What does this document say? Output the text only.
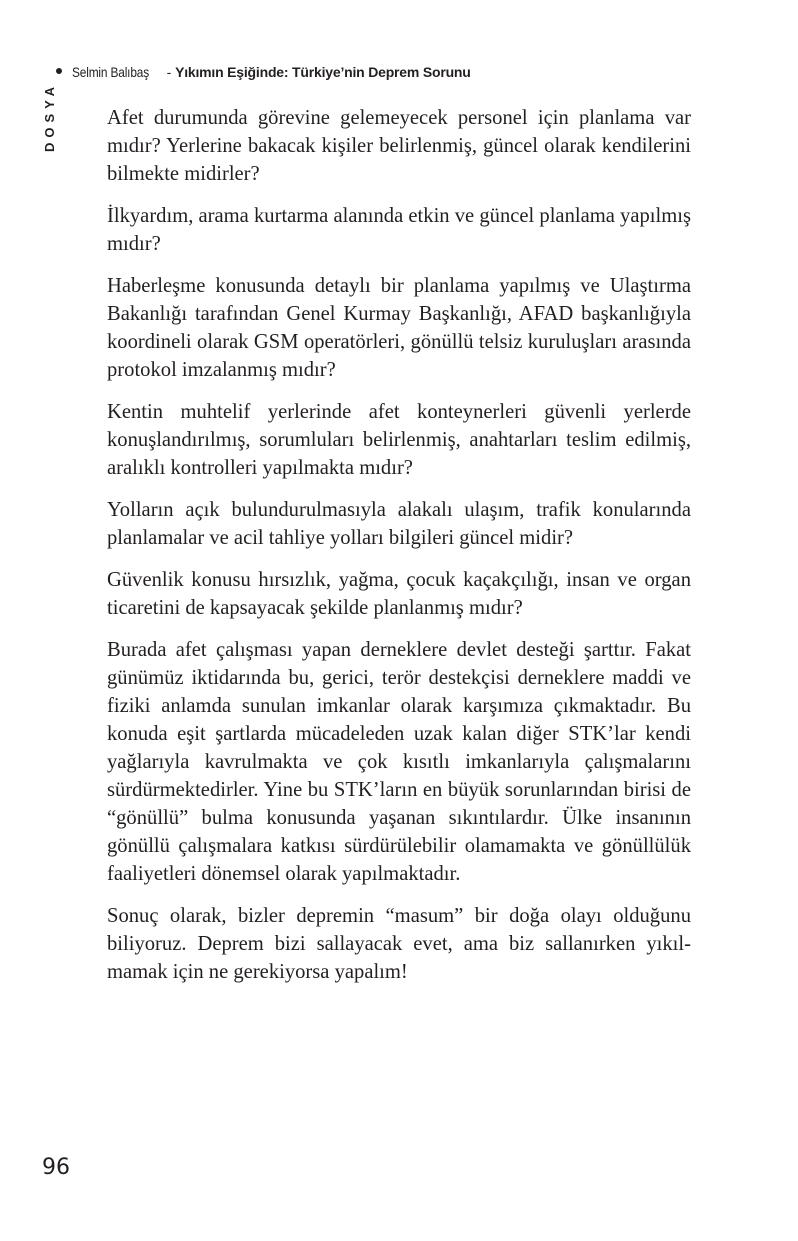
Selmin Balıbaş - Yıkımın Eşiğinde: Türkiye’nin Deprem Sorunu
DOSYA Afet durumunda görevine gelemeyecek personel için planlama var mıdır? Yerlerine bakacak kişiler belirlenmiş, güncel olarak kendilerini bilmekte midirler?

İlkyardım, arama kurtarma alanında etkin ve güncel planlama yapılmış mıdır?

Haberleşme konusunda detaylı bir planlama yapılmış ve Ulaştırma Bakanlığı tarafından Genel Kurmay Başkanlığı, AFAD başkanlığıyla koordineli olarak GSM operatörleri, gönüllü telsiz kuruluşları arasında protokol imzalanmış mıdır?

Kentin muhtelif yerlerinde afet konteynerleri güvenli yerlerde konuşlandırılmış, sorumluları belirlenmiş, anahtarları teslim edilmiş, aralıklı kontrolleri yapılmakta mıdır?

Yolların açık bulundurulmasıyla alakalı ulaşım, trafik konularında planlamalar ve acil tahliye yolları bilgileri güncel midir?

Güvenlik konusu hırsızlık, yağma, çocuk kaçakçılığı, insan ve organ ticaretini de kapsayacak şekilde planlanmış mıdır?

Burada afet çalışması yapan derneklere devlet desteği şarttır. Fakat günümüz iktidarında bu, gerici, terör destekçisi derneklere maddi ve fiziki anlamda sunulan imkanlar olarak karşımıza çıkmaktadır. Bu konuda eşit şartlarda mücadeleden uzak kalan diğer STK’lar kendi yağlarıyla kavrulmakta ve çok kısıtlı imkanlarıyla çalışmalarını sürdürmektedirler. Yine bu STK’ların en büyük sorunlarından birisi de “gönüllü” bulma konusunda yaşanan sıkıntılardır. Ülke insanının gönüllü çalışmalara katkısı sürdürülebilir olamamakta ve gönüllülük faaliyetleri dönemsel olarak yapılmaktadır.

Sonuç olarak, bizler depremin “masum” bir doğa olayı olduğunu biliyoruz. Deprem bizi sallayacak evet, ama biz sallanırken yıkılmamak için ne gerekiyorsa yapalım!

96
